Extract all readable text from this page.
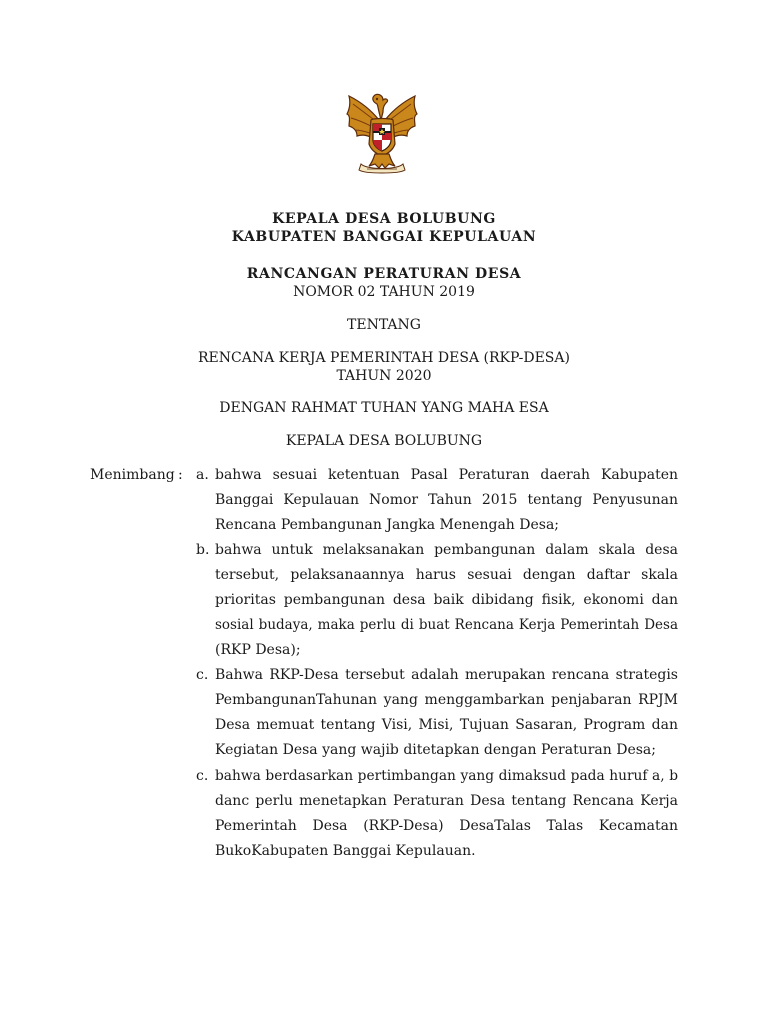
KEPALA DESA BOLUBUNG
KABUPATEN BANGGAI KEPULAUAN
RANCANGAN PERATURAN DESA
NOMOR 02 TAHUN 2019
TENTANG
RENCANA KERJA PEMERINTAH DESA (RKP-DESA)
TAHUN 2020
DENGAN RAHMAT TUHAN YANG MAHA ESA
KEPALA DESA BOLUBUNG
Menimbang : a. bahwa sesuai ketentuan Pasal Peraturan daerah Kabupaten
Banggai Kepulauan Nomor Tahun 2015 tentang Penyusunan
Rencana Pembangunan Jangka Menengah Desa;
b. bahwa untuk melaksanakan pembangunan dalam skala desa
tersebut, pelaksanaannya harus sesuai dengan daftar skala
prioritas pembangunan desa baik dibidang fisik, ekonomi dan
sosial budaya, maka perlu di buat Rencana Kerja Pemerintah Desa
(RKP Desa);
c. Bahwa RKP-Desa tersebut adalah merupakan rencana strategis
PembangunanTahunan yang menggambarkan penjabaran RPJM
Desa memuat tentang Visi, Misi, Tujuan Sasaran, Program dan
Kegiatan Desa yang wajib ditetapkan dengan Peraturan Desa;
c. bahwa berdasarkan pertimbangan yang dimaksud pada huruf a, b
danc perlu menetapkan Peraturan Desa tentang Rencana Kerja
Pemerintah Desa (RKP-Desa) DesaTalas Talas Kecamatan
BukoKabupaten Banggai Kepulauan.
